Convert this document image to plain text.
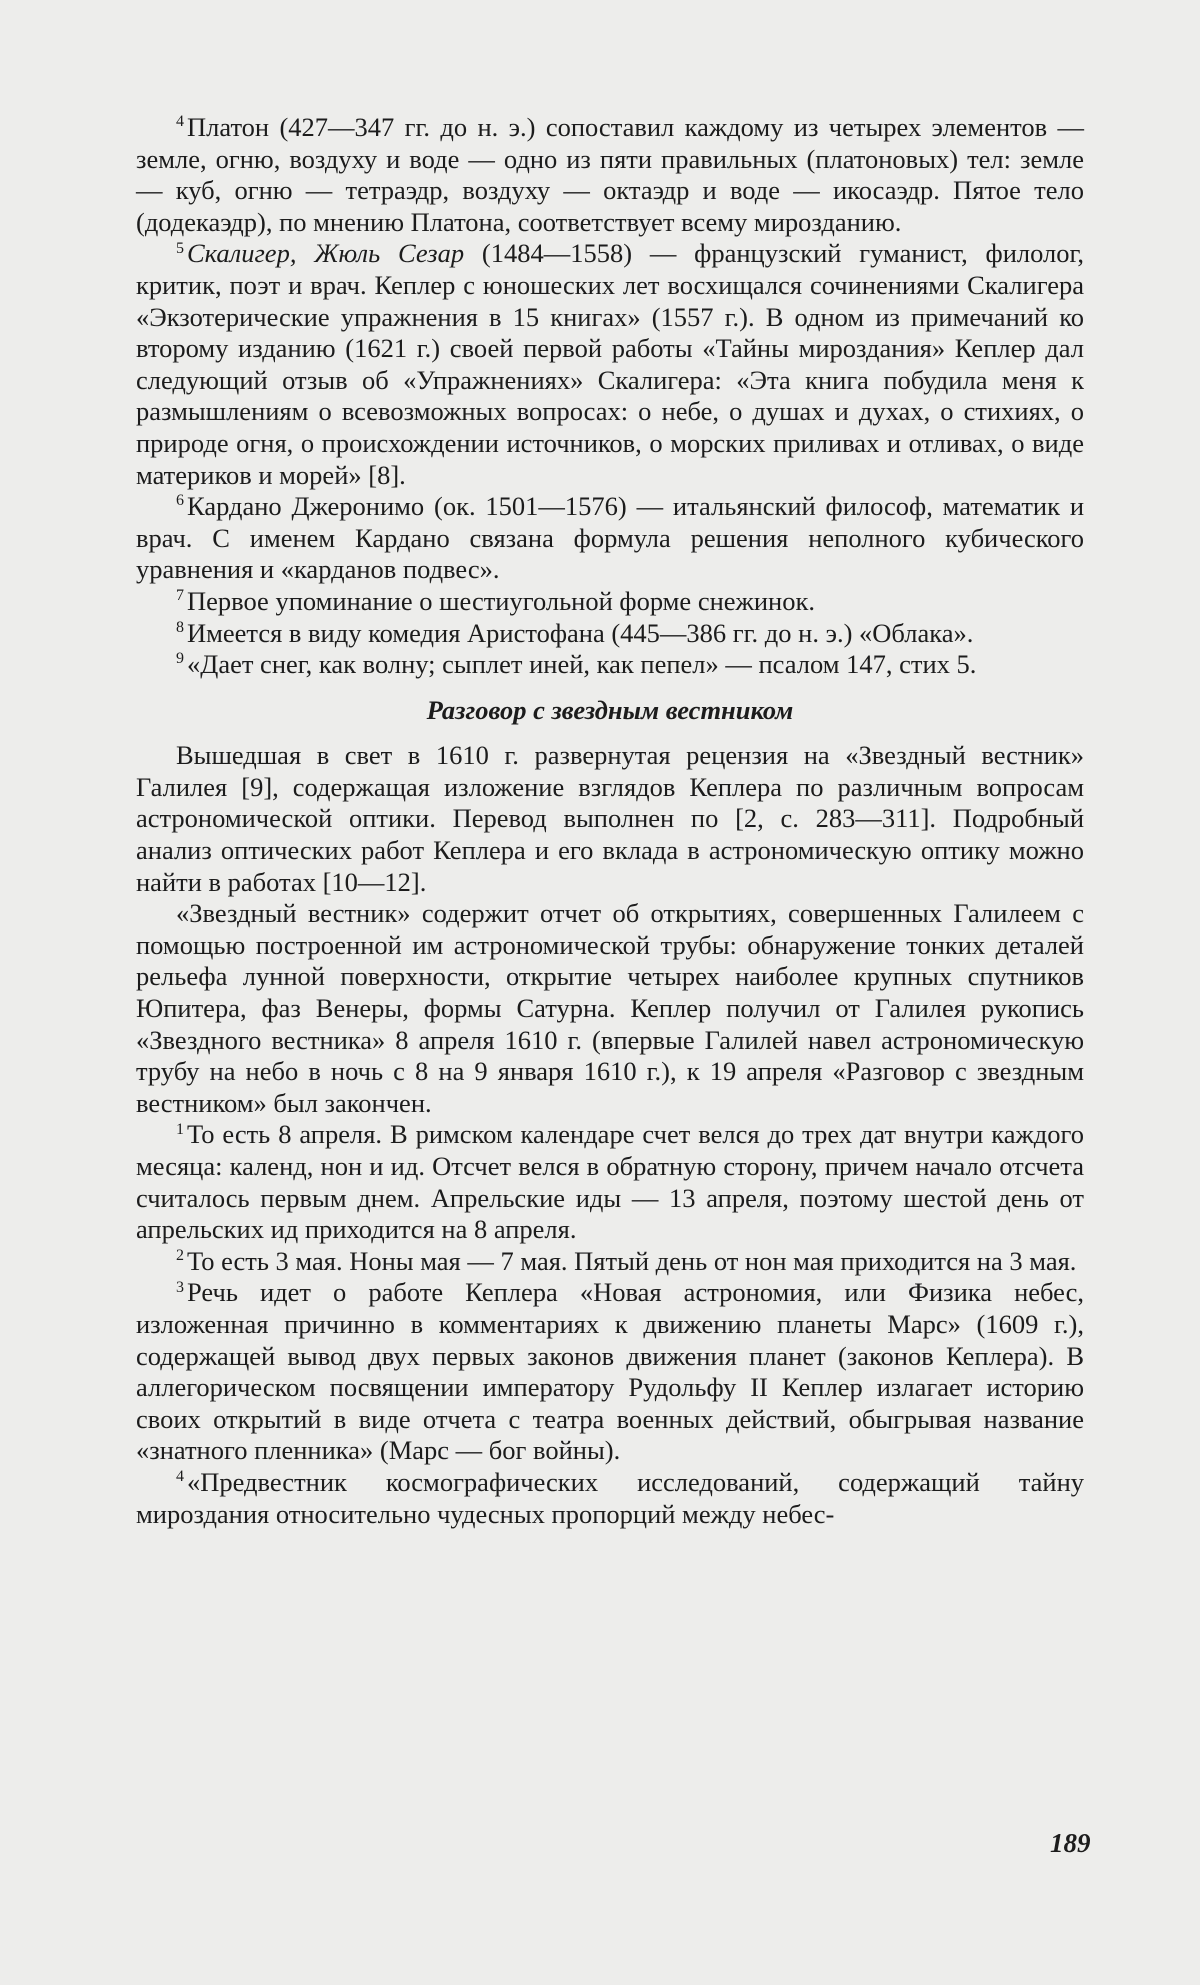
$^4$ Платон (427—347 гг. до н. э.) сопоставил каждому из четырех элементов — земле, огню, воздуху и воде — одно из пяти правильных (платоновых) тел: земле — куб, огню — тетраэдр, воздуху — октаэдр и воде — икосаэдр. Пятое тело (додекаэдр), по мнению Платона, соответствует всему мирозданию.

$^5$ Скалигер, Жюль Сезар (1484—1558) — французский гуманист, филолог, критик, поэт и врач. Кеплер с юношеских лет восхищался сочинениями Скалигера «Экзотерические упражнения в 15 книгах» (1557 г.). В одном из примечаний ко второму изданию (1621 г.) своей первой работы «Тайны мироздания» Кеплер дал следующий отзыв об «Упражнениях» Скалигера: «Эта книга побудила меня к размышлениям о всевозможных вопросах: о небе, о душах и духах, о стихиях, о природе огня, о происхождении источников, о морских приливах и отливах, о виде материков и морей» [8].

$^6$ Кардано Джеронимо (ок. 1501—1576) — итальянский философ, математик и врач. С именем Кардано связана формула решения неполного кубического уравнения и «карданов подвес».

$^7$ Первое упоминание о шестиугольной форме снежинок.

$^8$ Имеется в виду комедия Аристофана (445—386 гг. до н. э.) «Облака».

$^9$ «Дает снег, как волну; сыплет иней, как пепел» — псалом 147, стих 5.

Разговор с звездным вестником

Вышедшая в свет в 1610 г. развернутая рецензия на «Звездный вестник» Галилея [9], содержащая изложение взглядов Кеплера по различным вопросам астрономической оптики. Перевод выполнен по [2, с. 283—311]. Подробный анализ оптических работ Кеплера и его вклада в астрономическую оптику можно найти в работах [10—12].

«Звездный вестник» содержит отчет об открытиях, совершенных Галилеем с помощью построенной им астрономической трубы: обнаружение тонких деталей рельефа лунной поверхности, открытие четырех наиболее крупных спутников Юпитера, фаз Венеры, формы Сатурна. Кеплер получил от Галилея рукопись «Звездного вестника» 8 апреля 1610 г. (впервые Галилей навел астрономическую трубу на небо в ночь с 8 на 9 января 1610 г.), к 19 апреля «Разговор с звездным вестником» был закончен.

$^1$ То есть 8 апреля. В римском календаре счет велся до трех дат внутри каждого месяца: календ, нон и ид. Отсчет велся в обратную сторону, причем начало отсчета считалось первым днем. Апрельские иды — 13 апреля, поэтому шестой день от апрельских ид приходится на 8 апреля.

$^2$ То есть 3 мая. Ноны мая — 7 мая. Пятый день от нон мая приходится на 3 мая.

$^3$ Речь идет о работе Кеплера «Новая астрономия, или Физика небес, изложенная причинно в комментариях к движению планеты Марс» (1609 г.), содержащей вывод двух первых законов движения планет (законов Кеплера). В аллегорическом посвящении императору Рудольфу II Кеплер излагает историю своих открытий в виде отчета с театра военных действий, обыгрывая название «знатного пленника» (Марс — бог войны).

$^4$ «Предвестник космографических исследований, содержащий тайну мироздания относительно чудесных пропорций между небес-

189
